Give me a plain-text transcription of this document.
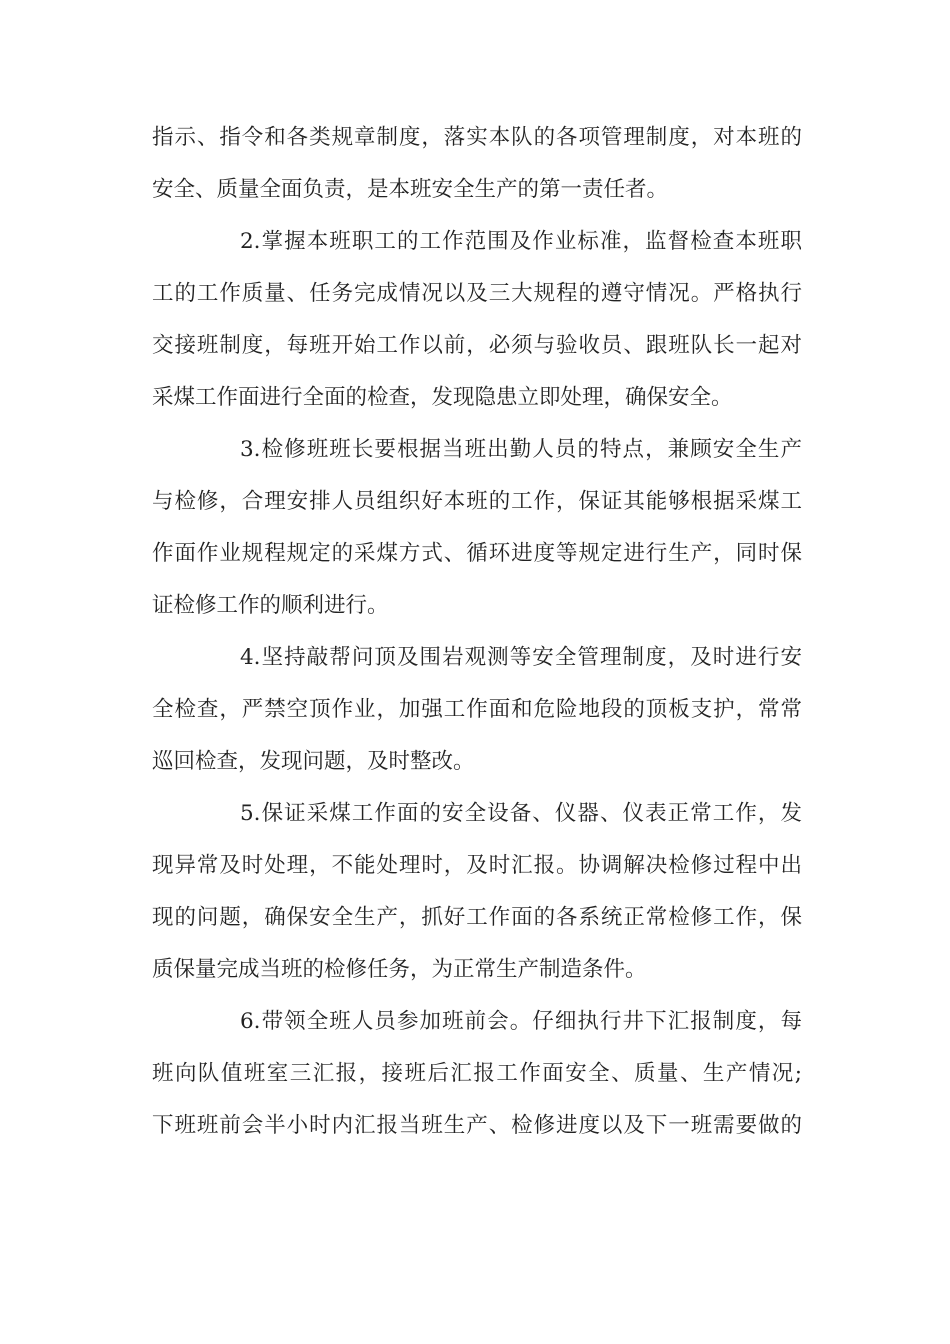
指示、指令和各类规章制度，落实本队的各项管理制度，对本班的
安全、质量全面负责，是本班安全生产的第一责任者。
2.掌握本班职工的工作范围及作业标准，监督检查本班职
工的工作质量、任务完成情况以及三大规程的遵守情况。严格执行
交接班制度，每班开始工作以前，必须与验收员、跟班队长一起对
采煤工作面进行全面的检查，发现隐患立即处理，确保安全。
3.检修班班长要根据当班出勤人员的特点，兼顾安全生产
与检修，合理安排人员组织好本班的工作，保证其能够根据采煤工
作面作业规程规定的采煤方式、循环进度等规定进行生产，同时保
证检修工作的顺利进行。
4.坚持敲帮问顶及围岩观测等安全管理制度，及时进行安
全检查，严禁空顶作业，加强工作面和危险地段的顶板支护，常常
巡回检查，发现问题，及时整改。
5.保证采煤工作面的安全设备、仪器、仪表正常工作，发
现异常及时处理，不能处理时，及时汇报。协调解决检修过程中出
现的问题，确保安全生产，抓好工作面的各系统正常检修工作，保
质保量完成当班的检修任务，为正常生产制造条件。
6.带领全班人员参加班前会。仔细执行井下汇报制度，每
班向队值班室三汇报，接班后汇报工作面安全、质量、生产情况;
下班班前会半小时内汇报当班生产、检修进度以及下一班需要做的
